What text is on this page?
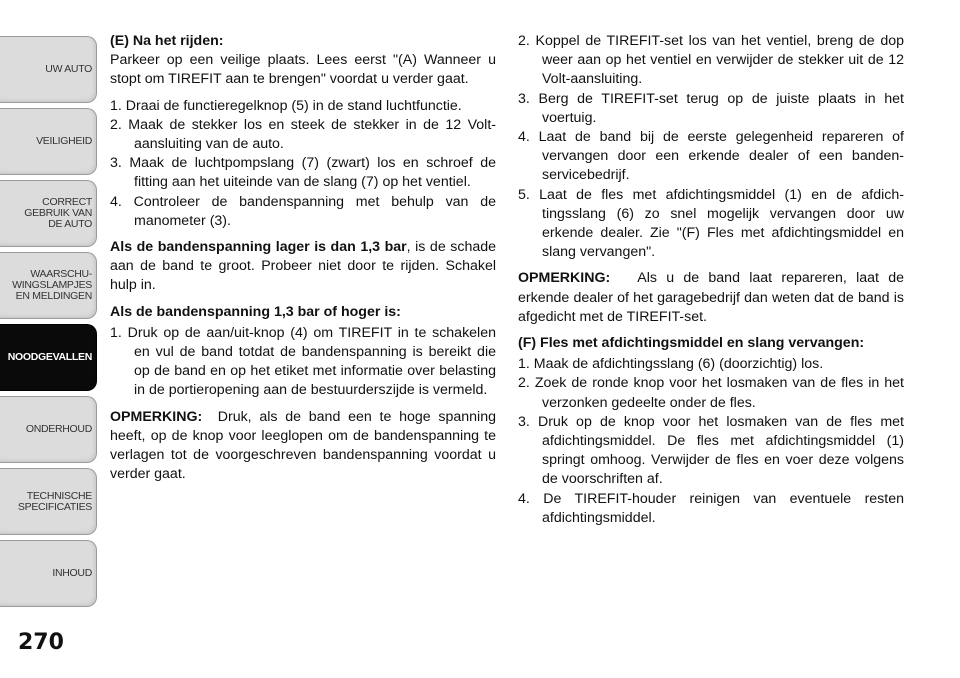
UW AUTO
VEILIGHEID
CORRECT
GEBRUIK VAN
DE AUTO
WAARSCHU-
WINGSLAMPJES
EN MELDINGEN
NOODGEVALLEN
ONDERHOUD
TECHNISCHE
SPECIFICATIES
INHOUD
270
(E) Na het rijden:

Parkeer op een veilige plaats. Lees eerst "(A) Wanneer u stopt om TIREFIT aan te brengen" voordat u verder gaat.

1. Draai de functieregelknop (5) in de stand luchtfunctie.
2. Maak de stekker los en steek de stekker in de 12 Volt-aansluiting van de auto.
3. Maak de luchtpompslang (7) (zwart) los en schroef de fitting aan het uiteinde van de slang (7) op het ventiel.
4. Controleer de bandenspanning met behulp van de manometer (3).

Als de bandenspanning lager is dan 1,3 bar, is de schade aan de band te groot. Probeer niet door te rijden. Schakel hulp in.

Als de bandenspanning 1,3 bar of hoger is:
1. Druk op de aan/uit-knop (4) om TIREFIT in te schakelen en vul de band totdat de bandenspanning is bereikt die op de band en op het etiket met informatie over belasting in de portieropening aan de bestuurderszijde is vermeld.

OPMERKING: Druk, als de band een te hoge spanning heeft, op de knop voor leeglopen om de bandenspanning te verlagen tot de voorgeschreven bandenspanning voordat u verder gaat.

2. Koppel de TIREFIT-set los van het ventiel, breng de dop weer aan op het ventiel en verwijder de stekker uit de 12 Volt-aansluiting.
3. Berg de TIREFIT-set terug op de juiste plaats in het voertuig.
4. Laat de band bij de eerste gelegenheid repareren of vervangen door een erkende dealer of een bandenservicebedrijf.
5. Laat de fles met afdichtingsmiddel (1) en de afdichtingsslang (6) zo snel mogelijk vervangen door uw erkende dealer. Zie "(F) Fles met afdichtingsmiddel en slang vervangen".

OPMERKING: Als u de band laat repareren, laat de erkende dealer of het garagebedrijf dan weten dat de band is afgedicht met de TIREFIT-set.

(F) Fles met afdichtingsmiddel en slang vervangen:
1. Maak de afdichtingsslang (6) (doorzichtig) los.
2. Zoek de ronde knop voor het losmaken van de fles in het verzonken gedeelte onder de fles.
3. Druk op de knop voor het losmaken van de fles met afdichtingsmiddel. De fles met afdichtingsmiddel (1) springt omhoog. Verwijder de fles en voer deze volgens de voorschriften af.
4. De TIREFIT-houder reinigen van eventuele resten afdichtingsmiddel.
